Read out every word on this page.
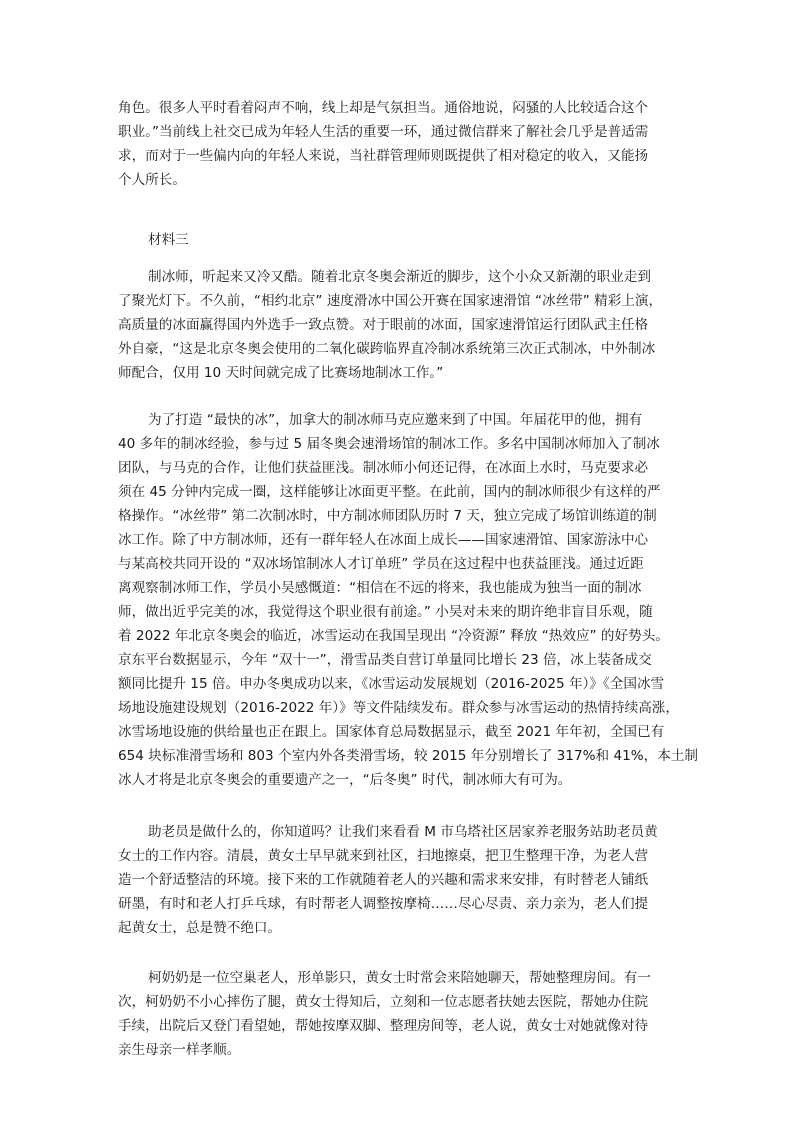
角色。很多人平时看着闷声不响，线上却是气氛担当。通俗地说，闷骚的人比较适合这个
职业。”当前线上社交已成为年轻人生活的重要一环，通过微信群来了解社会几乎是普适需
求，而对于一些偏内向的年轻人来说，当社群管理师则既提供了相对稳定的收入，又能扬
个人所长。
材料三
制冰师，听起来又冷又酷。随着北京冬奥会渐近的脚步，这个小众又新潮的职业走到
了聚光灯下。不久前，“相约北京” 速度滑冰中国公开赛在国家速滑馆 “冰丝带” 精彩上演，
高质量的冰面赢得国内外选手一致点赞。对于眼前的冰面，国家速滑馆运行团队武主任格
外自豪，“这是北京冬奥会使用的二氧化碳跨临界直冷制冰系统第三次正式制冰，中外制冰
师配合，仅用 10 天时间就完成了比赛场地制冰工作。”
为了打造 “最快的冰”，加拿大的制冰师马克应邀来到了中国。年届花甲的他，拥有
40 多年的制冰经验，参与过 5 届冬奥会速滑场馆的制冰工作。多名中国制冰师加入了制冰
团队，与马克的合作，让他们获益匪浅。制冰师小何还记得，在冰面上水时，马克要求必
须在 45 分钟内完成一圈，这样能够让冰面更平整。在此前，国内的制冰师很少有这样的严
格操作。“冰丝带” 第二次制冰时，中方制冰师团队历时 7 天，独立完成了场馆训练道的制
冰工作。除了中方制冰师，还有一群年轻人在冰面上成长——国家速滑馆、国家游泳中心
与某高校共同开设的 “双冰场馆制冰人才订单班” 学员在这过程中也获益匪浅。通过近距
离观察制冰师工作，学员小吴感慨道：“相信在不远的将来，我也能成为独当一面的制冰
师，做出近乎完美的冰，我觉得这个职业很有前途。” 小吴对未来的期许绝非盲目乐观，随
着 2022 年北京冬奥会的临近，冰雪运动在我国呈现出 “冷资源” 释放 “热效应” 的好势头。
京东平台数据显示，今年 “双十一”，滑雪品类自营订单量同比增长 23 倍，冰上装备成交
额同比提升 15 倍。申办冬奥成功以来，《冰雪运动发展规划（2016-2025 年）》《全国冰雪
场地设施建设规划（2016-2022 年）》等文件陆续发布。群众参与冰雪运动的热情持续高涨，
冰雪场地设施的供给量也正在跟上。国家体育总局数据显示，截至 2021 年年初，全国已有
654 块标准滑雪场和 803 个室内外各类滑雪场，较 2015 年分别增长了 317%和 41%，本土制
冰人才将是北京冬奥会的重要遗产之一，“后冬奥” 时代，制冰师大有可为。
助老员是做什么的，你知道吗？让我们来看看 M 市乌塔社区居家养老服务站助老员黄
女士的工作内容。清晨，黄女士早早就来到社区，扫地擦桌，把卫生整理干净，为老人营
造一个舒适整洁的环境。接下来的工作就随着老人的兴趣和需求来安排，有时替老人铺纸
研墨，有时和老人打乒乓球，有时帮老人调整按摩椅……尽心尽责、亲力亲为，老人们提
起黄女士，总是赞不绝口。
柯奶奶是一位空巢老人，形单影只，黄女士时常会来陪她聊天，帮她整理房间。有一
次，柯奶奶不小心摔伤了腿，黄女士得知后，立刻和一位志愿者扶她去医院，帮她办住院
手续，出院后又登门看望她，帮她按摩双脚、整理房间等，老人说，黄女士对她就像对待
亲生母亲一样孝顺。
